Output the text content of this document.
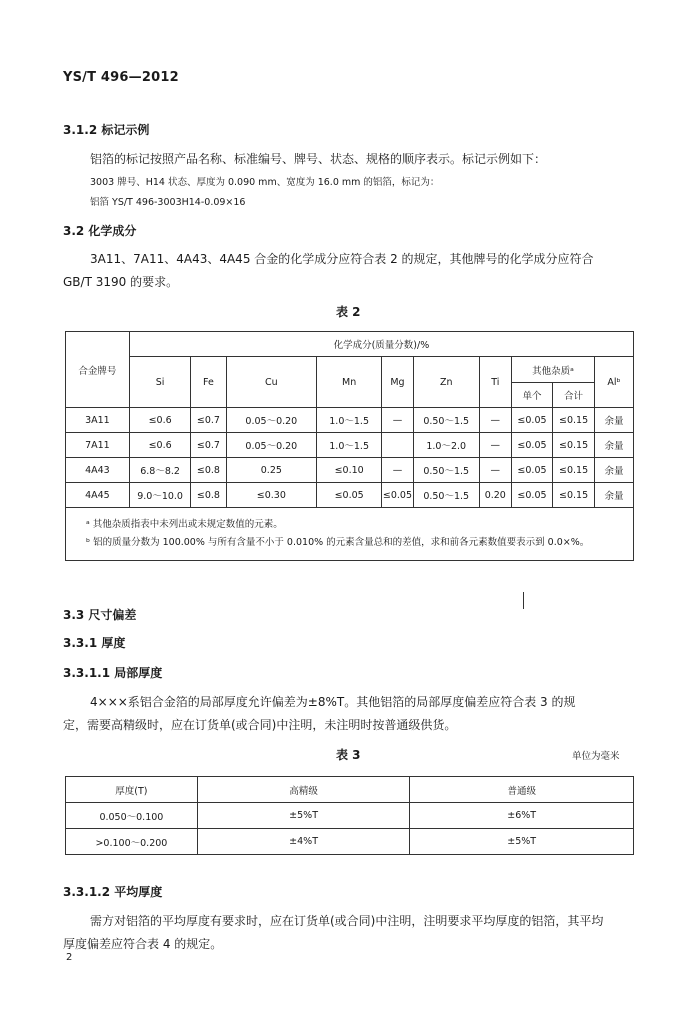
YS/T 496—2012
3.1.2 标记示例
铝箔的标记按照产品名称、标准编号、牌号、状态、规格的顺序表示。标记示例如下：
3003 牌号、H14 状态、厚度为 0.090 mm、宽度为 16.0 mm 的铝箔，标记为：
铝箔 YS/T 496-3003H14-0.09×16
3.2 化学成分
3A11、7A11、4A43、4A45 合金的化学成分应符合表 2 的规定，其他牌号的化学成分应符合
GB/T 3190 的要求。
表 2
合金牌号	化学成分(质量分数)/%									
	Si	Fe	Cu	Mn	Mg	Zn	Ti	其他杂质ᵃ		Alᵇ
								单个	合计	
3A11	≤0.6	≤0.7	0.05～0.20	1.0～1.5	—	0.50～1.5	—	≤0.05	≤0.15	余量
7A11	≤0.6	≤0.7	0.05～0.20	1.0～1.5		1.0～2.0	—	≤0.05	≤0.15	余量
4A43	6.8～8.2	≤0.8	0.25	≤0.10	—	0.50～1.5	—	≤0.05	≤0.15	余量
4A45	9.0～10.0	≤0.8	≤0.30	≤0.05	≤0.05	0.50～1.5	0.20	≤0.05	≤0.15	余量

ᵃ 其他杂质指表中未列出或未规定数值的元素。
ᵇ 铝的质量分数为 100.00% 与所有含量不小于 0.010% 的元素含量总和的差值，求和前各元素数值要表示到 0.0×%。										
3.3 尺寸偏差
3.3.1 厚度
3.3.1.1 局部厚度
4×××系铝合金箔的局部厚度允许偏差为±8%T。其他铝箔的局部厚度偏差应符合表 3 的规
定，需要高精级时，应在订货单(或合同)中注明，未注明时按普通级供货。
表 3	单位为毫米
厚度(T)	高精级	普通级
0.050～0.100	±5%T	±6%T
>0.100～0.200	±4%T	±5%T
3.3.1.2 平均厚度
需方对铝箔的平均厚度有要求时，应在订货单(或合同)中注明，注明要求平均厚度的铝箔，其平均
厚度偏差应符合表 4 的规定。
2
